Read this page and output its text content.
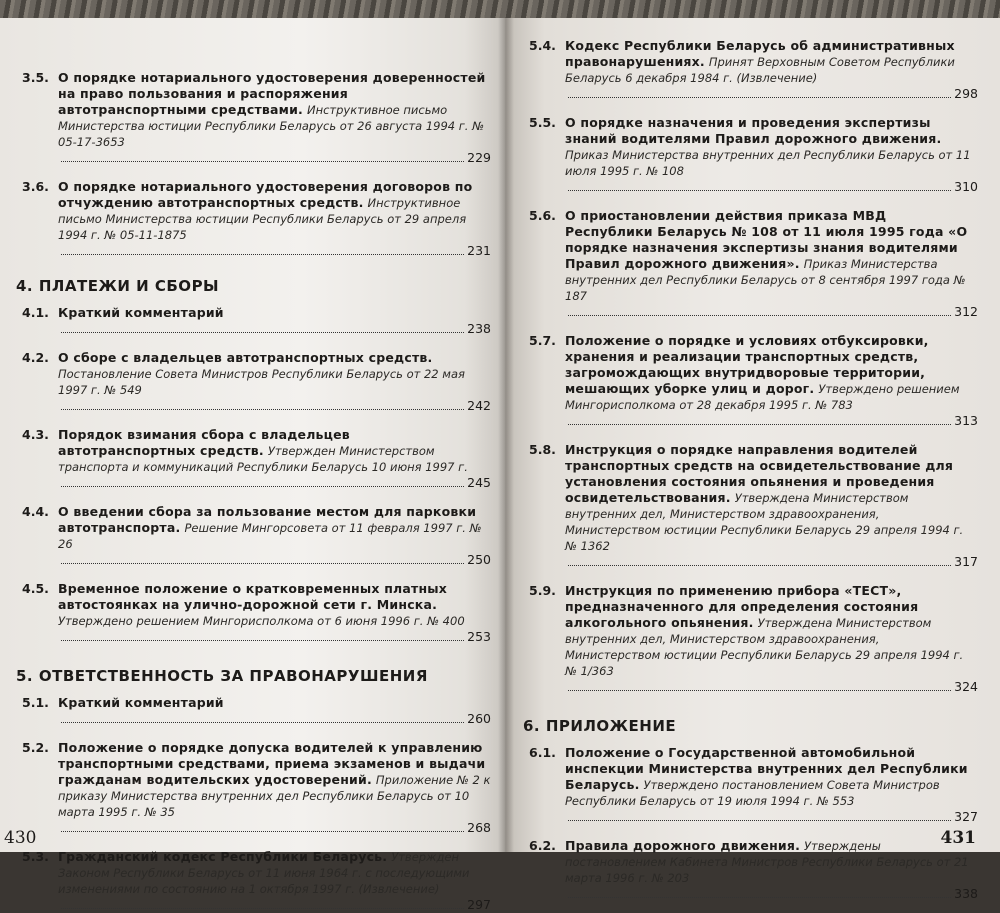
3.5. О порядке нотариального удостоверения доверенностей на право пользования и распоряжения автотранспортными средствами. Инструктивное письмо Министерства юстиции Республики Беларусь от 26 августа 1994 г. № 05-17-3653
229
3.6. О порядке нотариального удостоверения договоров по отчуждению автотранспортных средств. Инструктивное письмо Министерства юстиции Республики Беларусь от 29 апреля 1994 г. № 05-11-1875
231
4. ПЛАТЕЖИ И СБОРЫ
4.1. Краткий комментарий
238
4.2. О сборе с владельцев автотранспортных средств. Постановление Совета Министров Республики Беларусь от 22 мая 1997 г. № 549
242
4.3. Порядок взимания сбора с владельцев автотранспортных средств. Утвержден Министерством транспорта и коммуникаций Республики Беларусь 10 июня 1997 г.
245
4.4. О введении сбора за пользование местом для парковки автотранспорта. Решение Мингорсовета от 11 февраля 1997 г. № 26
250
4.5. Временное положение о кратковременных платных автостоянках на улично-дорожной сети г. Минска. Утверждено решением Мингорисполкома от 6 июня 1996 г. № 400
253
5. ОТВЕТСТВЕННОСТЬ ЗА ПРАВОНАРУШЕНИЯ
5.1. Краткий комментарий
260
5.2. Положение о порядке допуска водителей к управлению транспортными средствами, приема экзаменов и выдачи гражданам водительских удостоверений. Приложение № 2 к приказу Министерства внутренних дел Республики Беларусь от 10 марта 1995 г. № 35
268
5.3. Гражданский кодекс Республики Беларусь. Утвержден Законом Республики Беларусь от 11 июня 1964 г. с последующими изменениями по состоянию на 1 октября 1997 г. (Извлечение)
297
430
5.4. Кодекс Республики Беларусь об административных правонарушениях. Принят Верховным Советом Республики Беларусь 6 декабря 1984 г. (Извлечение)
298
5.5. О порядке назначения и проведения экспертизы знаний водителями Правил дорожного движения. Приказ Министерства внутренних дел Республики Беларусь от 11 июля 1995 г. № 108
310
5.6. О приостановлении действия приказа МВД Республики Беларусь № 108 от 11 июля 1995 года «О порядке назначения экспертизы знания водителями Правил дорожного движения». Приказ Министерства внутренних дел Республики Беларусь от 8 сентября 1997 года № 187
312
5.7. Положение о порядке и условиях отбуксировки, хранения и реализации транспортных средств, загромождающих внутридворовые территории, мешающих уборке улиц и дорог. Утверждено решением Мингорисполкома от 28 декабря 1995 г. № 783
313
5.8. Инструкция о порядке направления водителей транспортных средств на освидетельствование для установления состояния опьянения и проведения освидетельствования. Утверждена Министерством внутренних дел, Министерством здравоохранения, Министерством юстиции Республики Беларусь 29 апреля 1994 г. № 1362
317
5.9. Инструкция по применению прибора «ТЕСТ», предназначенного для определения состояния алкогольного опьянения. Утверждена Министерством внутренних дел, Министерством здравоохранения, Министерством юстиции Республики Беларусь 29 апреля 1994 г. № 1/363
324
6. ПРИЛОЖЕНИЕ
6.1. Положение о Государственной автомобильной инспекции Министерства внутренних дел Республики Беларусь. Утверждено постановлением Совета Министров Республики Беларусь от 19 июля 1994 г. № 553
327
6.2. Правила дорожного движения. Утверждены постановлением Кабинета Министров Республики Беларусь от 21 марта 1996 г. № 203
338
431
